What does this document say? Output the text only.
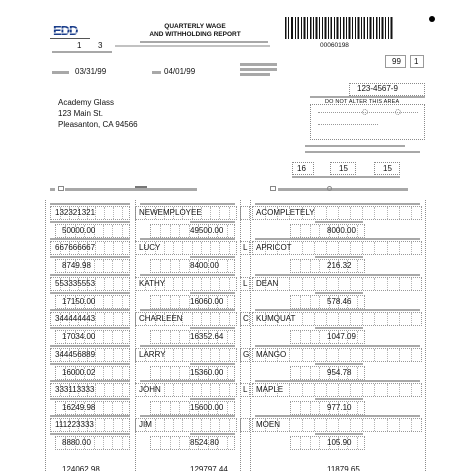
EDD	QUARTERLY WAGE
AND WITHHOLDING REPORT
1 3	00060198
99 1
03/31/99	04/01/99
Academy Glass
123 Main St.
Pleasanton, CA 94566
123-4567-9
DO NOT ALTER THIS AREA
16	15	15
132321321	NEWEMPLOYEE	ACOMPLETELY
50000.00	49500.00	8000.00
667666667	LUCY	L APRICOT
8749.98	8400.00	216.32
553335553	KATHY	L DEAN
17150.00	16060.00	578.46
344444443	CHARLEEN	C KUMQUAT
17034.00	16352.64	1047.09
344456889	LARRY	G MANGO
16000.02	15360.00	954.78
333113333	JOHN	L MAPLE
16249.98	15600.00	977.10
111223333	JIM	MOEN
8880.00	8524.80	105.90
124062.98	129797.44	11879.65
